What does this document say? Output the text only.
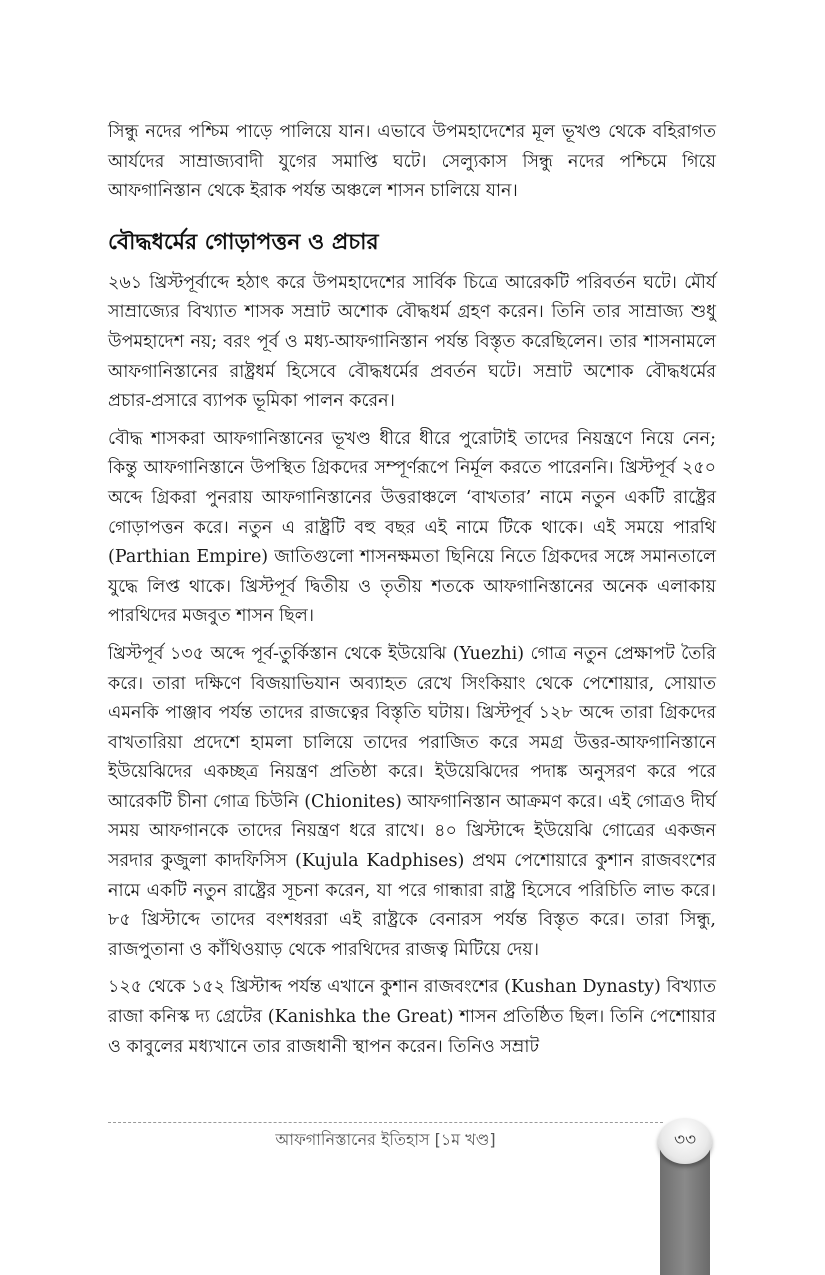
সিন্ধু নদের পশ্চিম পাড়ে পালিয়ে যান। এভাবে উপমহাদেশের মূল ভূখণ্ড থেকে বহিরাগত আর্যদের সাম্রাজ্যবাদী যুগের সমাপ্তি ঘটে। সেল্যুকাস সিন্ধু নদের পশ্চিমে গিয়ে আফগানিস্তান থেকে ইরাক পর্যন্ত অঞ্চলে শাসন চালিয়ে যান।

বৌদ্ধধর্মের গোড়াপত্তন ও প্রচার

২৬১ খ্রিস্টপূর্বাব্দে হঠাৎ করে উপমহাদেশের সার্বিক চিত্রে আরেকটি পরিবর্তন ঘটে। মৌর্য সাম্রাজ্যের বিখ্যাত শাসক সম্রাট অশোক বৌদ্ধধর্ম গ্রহণ করেন। তিনি তার সাম্রাজ্য শুধু উপমহাদেশ নয়; বরং পূর্ব ও মধ্য-আফগানিস্তান পর্যন্ত বিস্তৃত করেছিলেন। তার শাসনামলে আফগানিস্তানের রাষ্ট্রধর্ম হিসেবে বৌদ্ধধর্মের প্রবর্তন ঘটে। সম্রাট অশোক বৌদ্ধধর্মের প্রচার-প্রসারে ব্যাপক ভূমিকা পালন করেন।

বৌদ্ধ শাসকরা আফগানিস্তানের ভূখণ্ড ধীরে ধীরে পুরোটাই তাদের নিয়ন্ত্রণে নিয়ে নেন; কিন্তু আফগানিস্তানে উপস্থিত গ্রিকদের সম্পূর্ণরূপে নির্মূল করতে পারেননি। খ্রিস্টপূর্ব ২৫০ অব্দে গ্রিকরা পুনরায় আফগানিস্তানের উত্তরাঞ্চলে ‘বাখতার’ নামে নতুন একটি রাষ্ট্রের গোড়াপত্তন করে। নতুন এ রাষ্ট্রটি বহু বছর এই নামে টিকে থাকে। এই সময়ে পারথি (Parthian Empire) জাতিগুলো শাসনক্ষমতা ছিনিয়ে নিতে গ্রিকদের সঙ্গে সমানতালে যুদ্ধে লিপ্ত থাকে। খ্রিস্টপূর্ব দ্বিতীয় ও তৃতীয় শতকে আফগানিস্তানের অনেক এলাকায় পারথিদের মজবুত শাসন ছিল।

খ্রিস্টপূর্ব ১৩৫ অব্দে পূর্ব-তুর্কিস্তান থেকে ইউয়েঝি (Yuezhi) গোত্র নতুন প্রেক্ষাপট তৈরি করে। তারা দক্ষিণে বিজয়াভিযান অব্যাহত রেখে সিংকিয়াং থেকে পেশোয়ার, সোয়াত এমনকি পাঞ্জাব পর্যন্ত তাদের রাজত্বের বিস্তৃতি ঘটায়। খ্রিস্টপূর্ব ১২৮ অব্দে তারা গ্রিকদের বাখতারিয়া প্রদেশে হামলা চালিয়ে তাদের পরাজিত করে সমগ্র উত্তর-আফগানিস্তানে ইউয়েঝিদের একচ্ছত্র নিয়ন্ত্রণ প্রতিষ্ঠা করে। ইউয়েঝিদের পদাঙ্ক অনুসরণ করে পরে আরেকটি চীনা গোত্র চিউনি (Chionites) আফগানিস্তান আক্রমণ করে। এই গোত্রও দীর্ঘ সময় আফগানকে তাদের নিয়ন্ত্রণ ধরে রাখে। ৪০ খ্রিস্টাব্দে ইউয়েঝি গোত্রের একজন সরদার কুজুলা কাদফিসিস (Kujula Kadphises) প্রথম পেশোয়ারে কুশান রাজবংশের নামে একটি নতুন রাষ্ট্রের সূচনা করেন, যা পরে গান্ধারা রাষ্ট্র হিসেবে পরিচিতি লাভ করে। ৮৫ খ্রিস্টাব্দে তাদের বংশধররা এই রাষ্ট্রকে বেনারস পর্যন্ত বিস্তৃত করে। তারা সিন্ধু, রাজপুতানা ও কাঁথিওয়াড় থেকে পারথিদের রাজত্ব মিটিয়ে দেয়।

১২৫ থেকে ১৫২ খ্রিস্টাব্দ পর্যন্ত এখানে কুশান রাজবংশের (Kushan Dynasty) বিখ্যাত রাজা কনিস্ক দ্য গ্রেটের (Kanishka the Great) শাসন প্রতিষ্ঠিত ছিল। তিনি পেশোয়ার ও কাবুলের মধ্যখানে তার রাজধানী স্থাপন করেন। তিনিও সম্রাট

আফগানিস্তানের ইতিহাস [১ম খণ্ড]	৩৩
